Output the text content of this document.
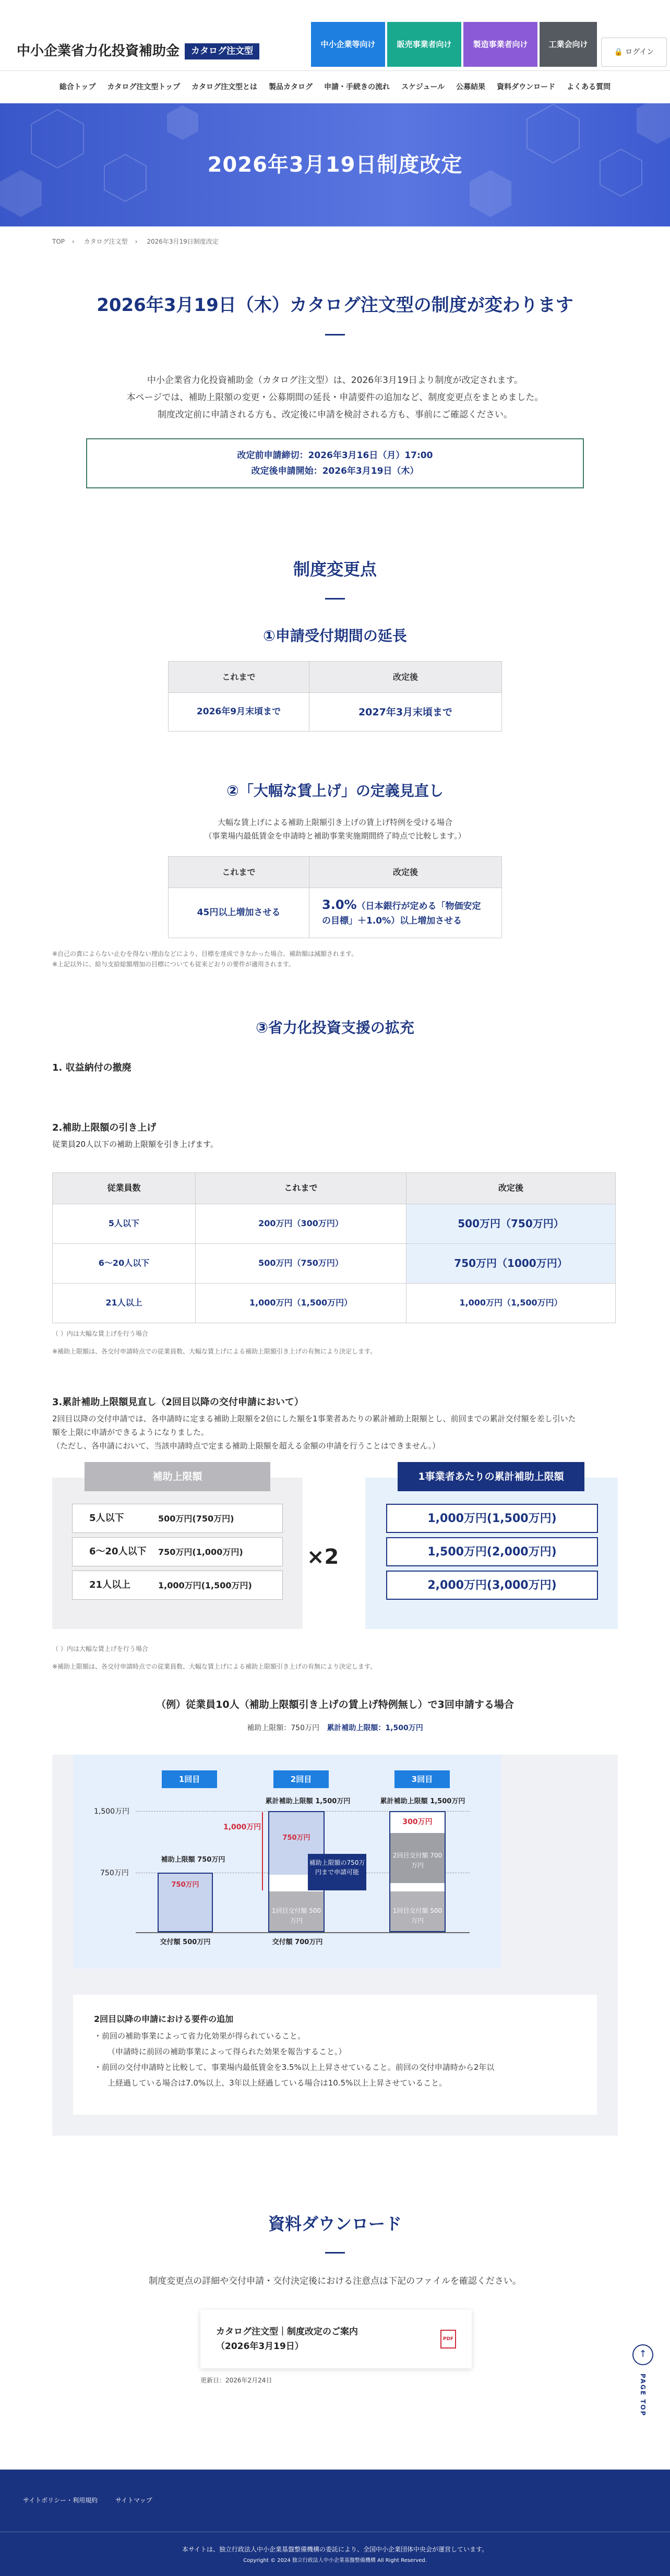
中小企業省力化投資補助金 カタログ注文型
中小企業等向け	販売事業者向け	製造事業者向け	工業会向け
🔒 ログイン
総合トップ カタログ注文型トップ カタログ注文型とは 製品カタログ 申請・手続きの流れ スケジュール 公募結果 資料ダウンロード よくある質問
2026年3月19日制度改定
TOP › カタログ注文型 › 2026年3月19日制度改定
2026年3月19日（木）カタログ注文型の制度が変わります
中小企業省力化投資補助金（カタログ注文型）は、2026年3月19日より制度が改定されます。
本ページでは、補助上限額の変更・公募期間の延長・申請要件の追加など、制度変更点をまとめました。
制度改定前に申請される方も、改定後に申請を検討される方も、事前にご確認ください。
改定前申請締切：2026年3月16日（月）17:00
改定後申請開始：2026年3月19日（木）
制度変更点
①申請受付期間の延長
これまで	改定後
2026年9月末頃まで	2027年3月末頃まで
②「大幅な賃上げ」の定義見直し
大幅な賃上げによる補助上限額引き上げの賃上げ特例を受ける場合
（事業場内最低賃金を申請時と補助事業実施期間終了時点で比較します。）
これまで	改定後
45円以上増加させる	3.0%（日本銀行が定める「物価安定の目標」＋1.0%）以上増加させる
※自己の責によらない止むを得ない理由などにより、目標を達成できなかった場合、補助額は減額されます。
※上記以外に、給与支給総額増加の目標についても従来どおりの要件が適用されます。
③省力化投資支援の拡充
1. 収益納付の撤廃
2.補助上限額の引き上げ
従業員20人以下の補助上限額を引き上げます。
従業員数	これまで	改定後
5人以下	200万円（300万円）	500万円（750万円）
6～20人以下	500万円（750万円）	750万円（1000万円）
21人以上	1,000万円（1,500万円）	1,000万円（1,500万円）
（ ）内は大幅な賃上げを行う場合
※補助上限額は、各交付申請時点での従業員数、大幅な賃上げによる補助上限額引き上げの有無により決定します。
3.累計補助上限額見直し（2回目以降の交付申請において）
2回目以降の交付申請では、各申請時に定まる補助上限額を2倍にした額を1事業者あたりの累計補助上限額とし、前回までの累計交付額を差し引いた
額を上限に申請ができるようになりました。
（ただし、各申請において、当該申請時点で定まる補助上限額を超える金額の申請を行うことはできません。）
補助上限額
5人以下	500万円(750万円)
6～20人以下	750万円(1,000万円)
21人以上	1,000万円(1,500万円)
×2
1事業者あたりの累計補助上限額
1,000万円(1,500万円)
1,500万円(2,000万円)
2,000万円(3,000万円)
（ ）内は大幅な賃上げを行う場合
※補助上限額は、各交付申請時点での従業員数、大幅な賃上げによる補助上限額引き上げの有無により決定します。
（例）従業員10人（補助上限額引き上げの賃上げ特例無し）で3回申請する場合
補助上限額：750万円 累計補助上限額：1,500万円
1回目	2回目	3回目
1,500万円
750万円
補助上限額 750万円
750万円
交付額 500万円
累計補助上限額 1,500万円
750万円
1回目交付額 500万円
1,000万円
補助上限額の750万円まで申請可能
交付額 700万円
累計補助上限額 1,500万円
300万円
2回目交付額 700万円
1回目交付額 500万円
2回目以降の申請における要件の追加
・前回の補助事業によって省力化効果が得られていること。
（申請時に前回の補助事業によって得られた効果を報告すること。）
・前回の交付申請時と比較して、事業場内最低賃金を3.5%以上上昇させていること。前回の交付申請時から2年以
上経過している場合は7.0%以上、3年以上経過している場合は10.5%以上上昇させていること。
資料ダウンロード
制度変更点の詳細や交付申請・交付決定後における注意点は下記のファイルを確認ください。
カタログ注文型｜制度改定のご案内
（2026年3月19日）
PDF
更新日：2026年2月24日
↑
PAGE TOP
サイトポリシー・利用規約	サイトマップ
本サイトは、独立行政法人中小企業基盤整備機構の委託により、全国中小企業団体中央会が運営しています。
Copyright © 2024 独立行政法人中小企業基盤整備機構 All Right Reserved.
